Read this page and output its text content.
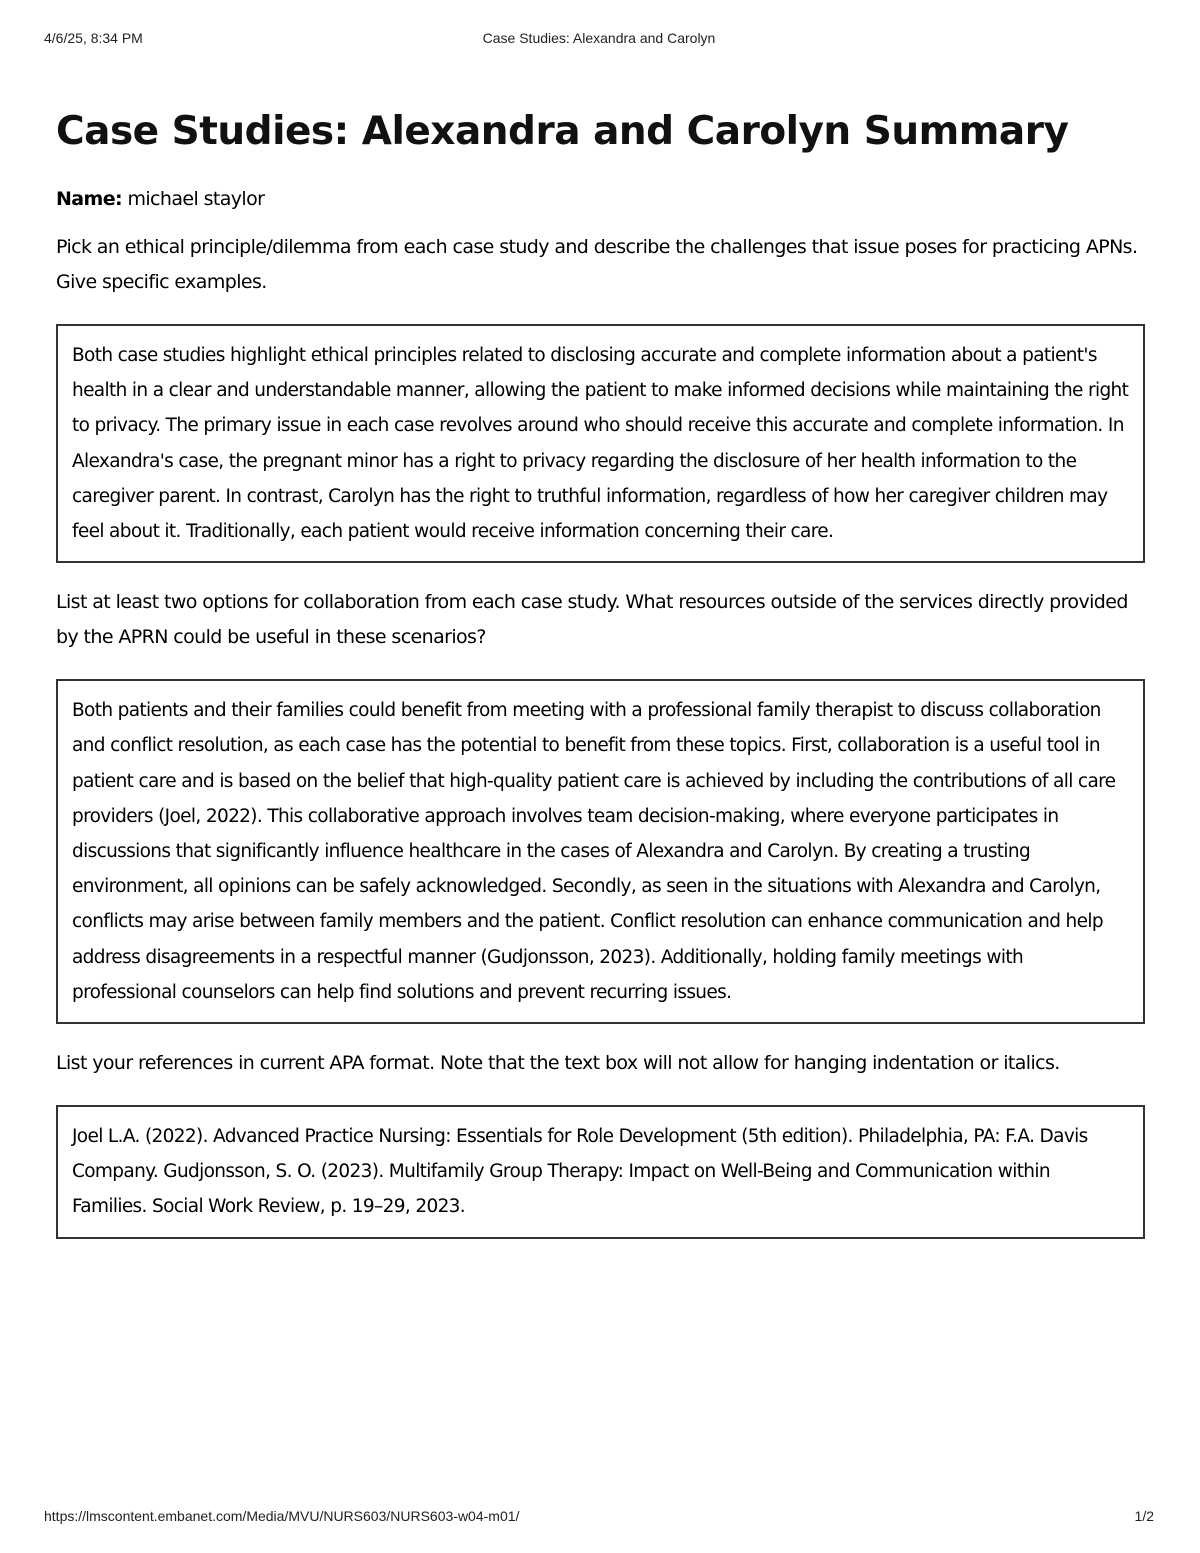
4/6/25, 8:34 PM	Case Studies: Alexandra and Carolyn
Case Studies: Alexandra and Carolyn Summary

Name: michael staylor

Pick an ethical principle/dilemma from each case study and describe the challenges that issue poses for practicing APNs. Give specific examples.

Both case studies highlight ethical principles related to disclosing accurate and complete information about a patient's health in a clear and understandable manner, allowing the patient to make informed decisions while maintaining the right to privacy. The primary issue in each case revolves around who should receive this accurate and complete information. In Alexandra's case, the pregnant minor has a right to privacy regarding the disclosure of her health information to the caregiver parent. In contrast, Carolyn has the right to truthful information, regardless of how her caregiver children may feel about it. Traditionally, each patient would receive information concerning their care.

List at least two options for collaboration from each case study. What resources outside of the services directly provided by the APRN could be useful in these scenarios?

Both patients and their families could benefit from meeting with a professional family therapist to discuss collaboration and conflict resolution, as each case has the potential to benefit from these topics. First, collaboration is a useful tool in patient care and is based on the belief that high-quality patient care is achieved by including the contributions of all care providers (Joel, 2022). This collaborative approach involves team decision-making, where everyone participates in discussions that significantly influence healthcare in the cases of Alexandra and Carolyn. By creating a trusting environment, all opinions can be safely acknowledged. Secondly, as seen in the situations with Alexandra and Carolyn, conflicts may arise between family members and the patient. Conflict resolution can enhance communication and help address disagreements in a respectful manner (Gudjonsson, 2023). Additionally, holding family meetings with professional counselors can help find solutions and prevent recurring issues.

List your references in current APA format. Note that the text box will not allow for hanging indentation or italics.

Joel L.A. (2022). Advanced Practice Nursing: Essentials for Role Development (5th edition). Philadelphia, PA: F.A. Davis Company. Gudjonsson, S. O. (2023). Multifamily Group Therapy: Impact on Well-Being and Communication within Families. Social Work Review, p. 19–29, 2023.

https://lmscontent.embanet.com/Media/MVU/NURS603/NURS603-w04-m01/	1/2
